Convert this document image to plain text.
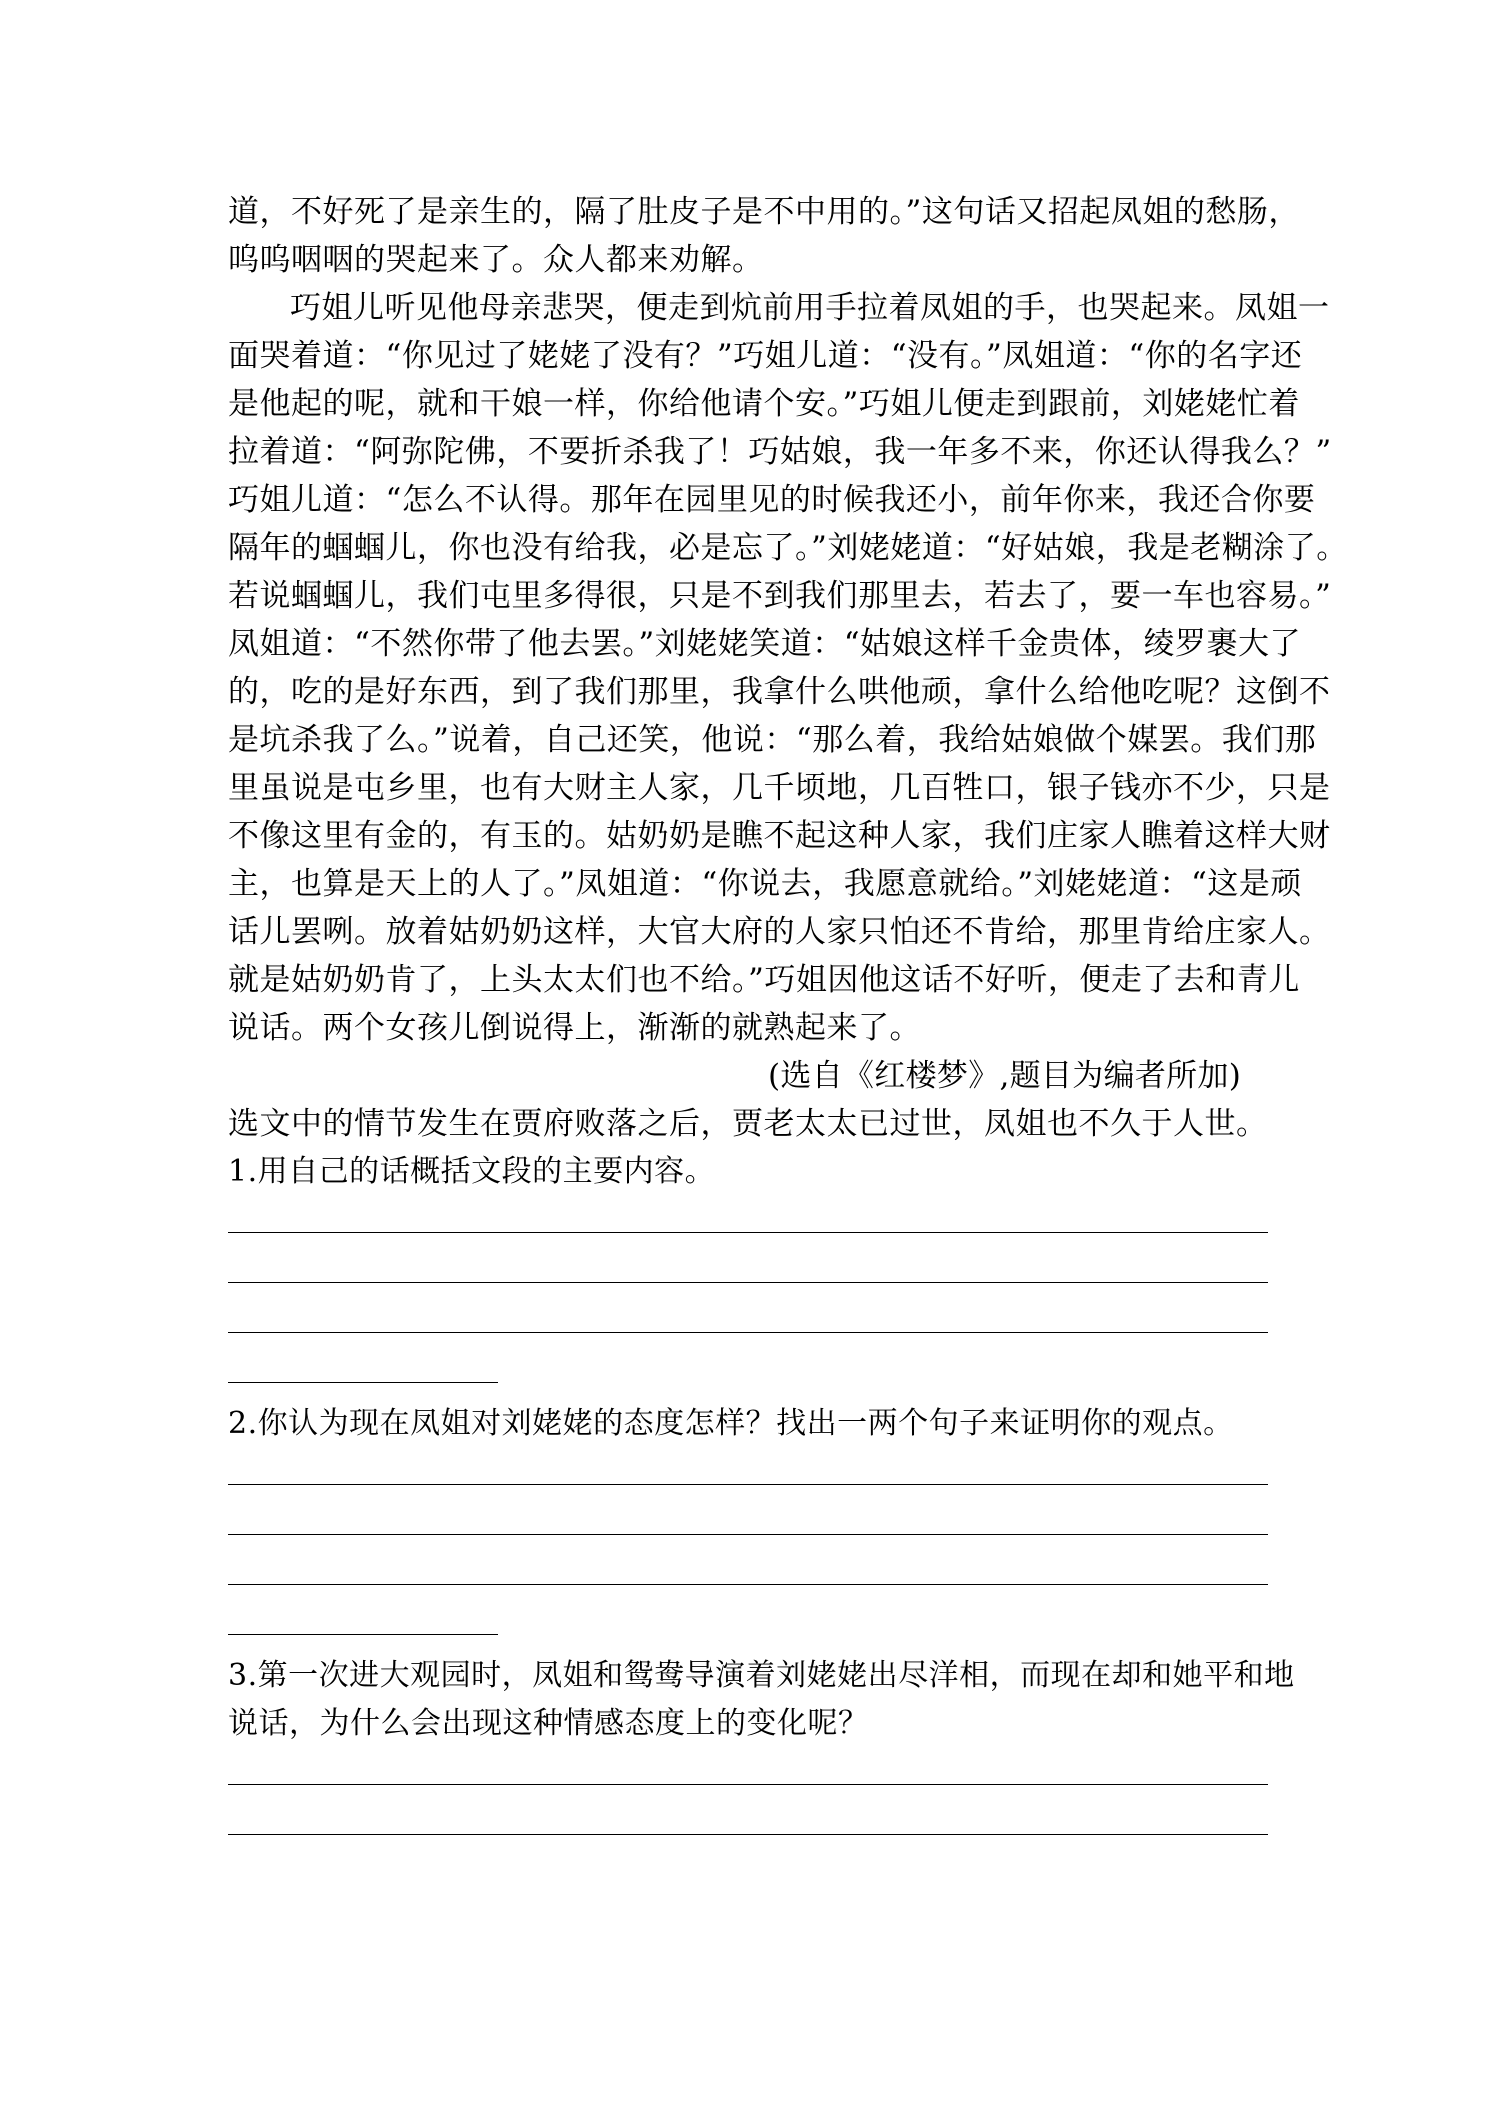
道，不好死了是亲生的，隔了肚皮子是不中用的。”这句话又招起凤姐的愁肠，
呜呜咽咽的哭起来了。众人都来劝解。
巧姐儿听见他母亲悲哭，便走到炕前用手拉着凤姐的手，也哭起来。凤姐一
面哭着道：“你见过了姥姥了没有？”巧姐儿道：“没有。”凤姐道：“你的名字还
是他起的呢，就和干娘一样，你给他请个安。”巧姐儿便走到跟前，刘姥姥忙着
拉着道：“阿弥陀佛，不要折杀我了！巧姑娘，我一年多不来，你还认得我么？”
巧姐儿道：“怎么不认得。那年在园里见的时候我还小，前年你来，我还合你要
隔年的蝈蝈儿，你也没有给我，必是忘了。”刘姥姥道：“好姑娘，我是老糊涂了。
若说蝈蝈儿，我们屯里多得很，只是不到我们那里去，若去了，要一车也容易。”
凤姐道：“不然你带了他去罢。”刘姥姥笑道：“姑娘这样千金贵体，绫罗裹大了
的，吃的是好东西，到了我们那里，我拿什么哄他顽，拿什么给他吃呢？这倒不
是坑杀我了么。”说着，自己还笑，他说：“那么着，我给姑娘做个媒罢。我们那
里虽说是屯乡里，也有大财主人家，几千顷地，几百牲口，银子钱亦不少，只是
不像这里有金的，有玉的。姑奶奶是瞧不起这种人家，我们庄家人瞧着这样大财
主，也算是天上的人了。”凤姐道：“你说去，我愿意就给。”刘姥姥道：“这是顽
话儿罢咧。放着姑奶奶这样，大官大府的人家只怕还不肯给，那里肯给庄家人。
就是姑奶奶肯了，上头太太们也不给。”巧姐因他这话不好听，便走了去和青儿
说话。两个女孩儿倒说得上，渐渐的就熟起来了。
(选自《红楼梦》,题目为编者所加)
选文中的情节发生在贾府败落之后，贾老太太已过世，凤姐也不久于人世。
1.用自己的话概括文段的主要内容。
2.你认为现在凤姐对刘姥姥的态度怎样？找出一两个句子来证明你的观点。
3.第一次进大观园时，凤姐和鸳鸯导演着刘姥姥出尽洋相，而现在却和她平和地
说话，为什么会出现这种情感态度上的变化呢？
